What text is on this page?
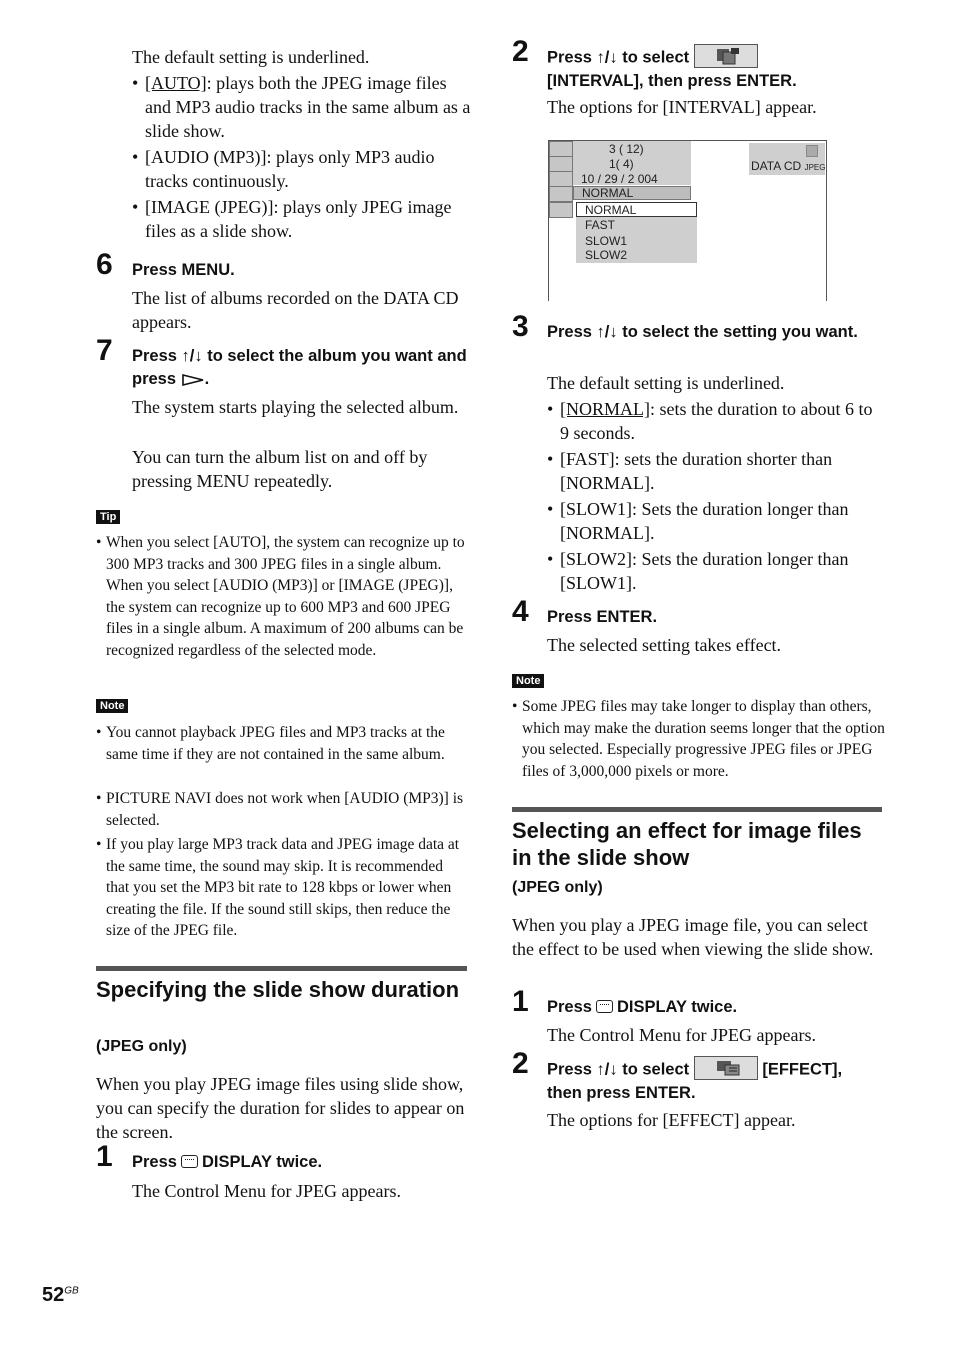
The default setting is underlined.
• [AUTO]: plays both the JPEG image files and MP3 audio tracks in the same album as a slide show.
• [AUDIO (MP3)]: plays only MP3 audio tracks continuously.
• [IMAGE (JPEG)]: plays only JPEG image files as a slide show.
6 Press MENU.
The list of albums recorded on the DATA CD appears.
7 Press ↑/↓ to select the album you want and press .
The system starts playing the selected album.
You can turn the album list on and off by pressing MENU repeatedly.
Tip
• When you select [AUTO], the system can recognize up to 300 MP3 tracks and 300 JPEG files in a single album. When you select [AUDIO (MP3)] or [IMAGE (JPEG)], the system can recognize up to 600 MP3 and 600 JPEG files in a single album. A maximum of 200 albums can be recognized regardless of the selected mode.
Note
• You cannot playback JPEG files and MP3 tracks at the same time if they are not contained in the same album.
• PICTURE NAVI does not work when [AUDIO (MP3)] is selected.
• If you play large MP3 track data and JPEG image data at the same time, the sound may skip. It is recommended that you set the MP3 bit rate to 128 kbps or lower when creating the file. If the sound still skips, then reduce the size of the JPEG file.
Specifying the slide show duration
(JPEG only)
When you play JPEG image files using slide show, you can specify the duration for slides to appear on the screen.
1 Press DISPLAY twice.
The Control Menu for JPEG appears.
2 Press ↑/↓ to select
[INTERVAL], then press ENTER.
The options for [INTERVAL] appear.
3 ( 12)
1( 4)
10 / 29 / 2 004
NORMAL
NORMAL
FAST
SLOW1
SLOW2
DATA CD JPEG
3 Press ↑/↓ to select the setting you want.
The default setting is underlined.
• [NORMAL]: sets the duration to about 6 to 9 seconds.
• [FAST]: sets the duration shorter than [NORMAL].
• [SLOW1]: Sets the duration longer than [NORMAL].
• [SLOW2]: Sets the duration longer than [SLOW1].
4 Press ENTER.
The selected setting takes effect.
Note
• Some JPEG files may take longer to display than others, which may make the duration seems longer that the option you selected. Especially progressive JPEG files or JPEG files of 3,000,000 pixels or more.
Selecting an effect for image files in the slide show
(JPEG only)
When you play a JPEG image file, you can select the effect to be used when viewing the slide show.
1 Press DISPLAY twice.
The Control Menu for JPEG appears.
2 Press ↑/↓ to select	[EFFECT],
then press ENTER.
The options for [EFFECT] appear.
$52^{GB}$
